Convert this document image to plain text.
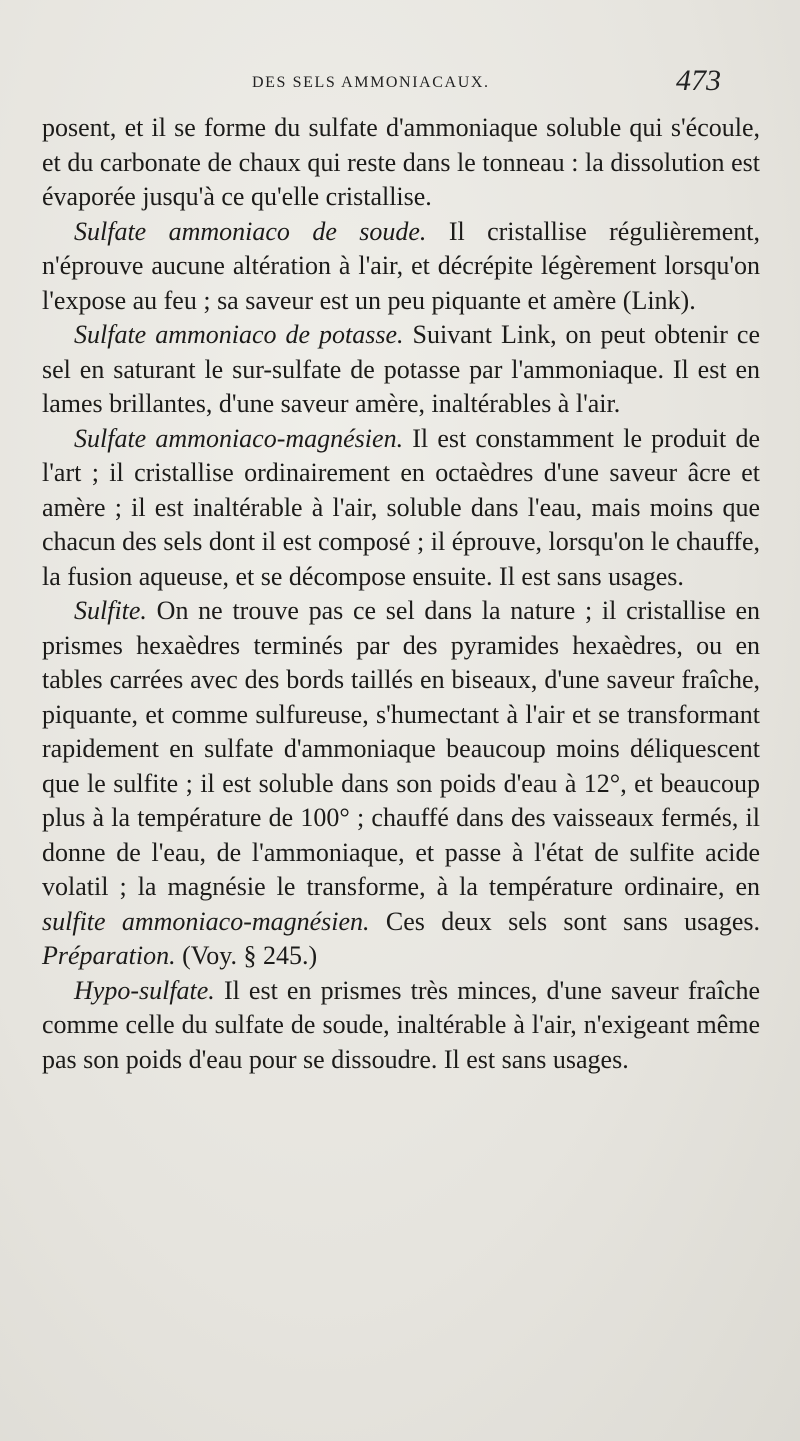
DES SELS AMMONIACAUX.	473

posent, et il se forme du sulfate d'ammoniaque soluble qui s'écoule, et du carbonate de chaux qui reste dans le tonneau : la dissolution est évaporée jusqu'à ce qu'elle cristallise.

Sulfate ammoniaco de soude. Il cristallise régulièrement, n'éprouve aucune altération à l'air, et décrépite légèrement lorsqu'on l'expose au feu ; sa saveur est un peu piquante et amère (Link).

Sulfate ammoniaco de potasse. Suivant Link, on peut obtenir ce sel en saturant le sur-sulfate de potasse par l'ammoniaque. Il est en lames brillantes, d'une saveur amère, inaltérables à l'air.

Sulfate ammoniaco-magnésien. Il est constamment le produit de l'art ; il cristallise ordinairement en octaèdres d'une saveur âcre et amère ; il est inaltérable à l'air, soluble dans l'eau, mais moins que chacun des sels dont il est composé ; il éprouve, lorsqu'on le chauffe, la fusion aqueuse, et se décompose ensuite. Il est sans usages.

Sulfite. On ne trouve pas ce sel dans la nature ; il cristallise en prismes hexaèdres terminés par des pyramides hexaèdres, ou en tables carrées avec des bords taillés en biseaux, d'une saveur fraîche, piquante, et comme sulfureuse, s'humectant à l'air et se transformant rapidement en sulfate d'ammoniaque beaucoup moins déliquescent que le sulfite ; il est soluble dans son poids d'eau à 12°, et beaucoup plus à la température de 100° ; chauffé dans des vaisseaux fermés, il donne de l'eau, de l'ammoniaque, et passe à l'état de sulfite acide volatil ; la magnésie le transforme, à la température ordinaire, en sulfite ammoniaco-magnésien. Ces deux sels sont sans usages. Préparation. (Voy. § 245.)

Hypo-sulfate. Il est en prismes très minces, d'une saveur fraîche comme celle du sulfate de soude, inaltérable à l'air, n'exigeant même pas son poids d'eau pour se dissoudre. Il est sans usages.
